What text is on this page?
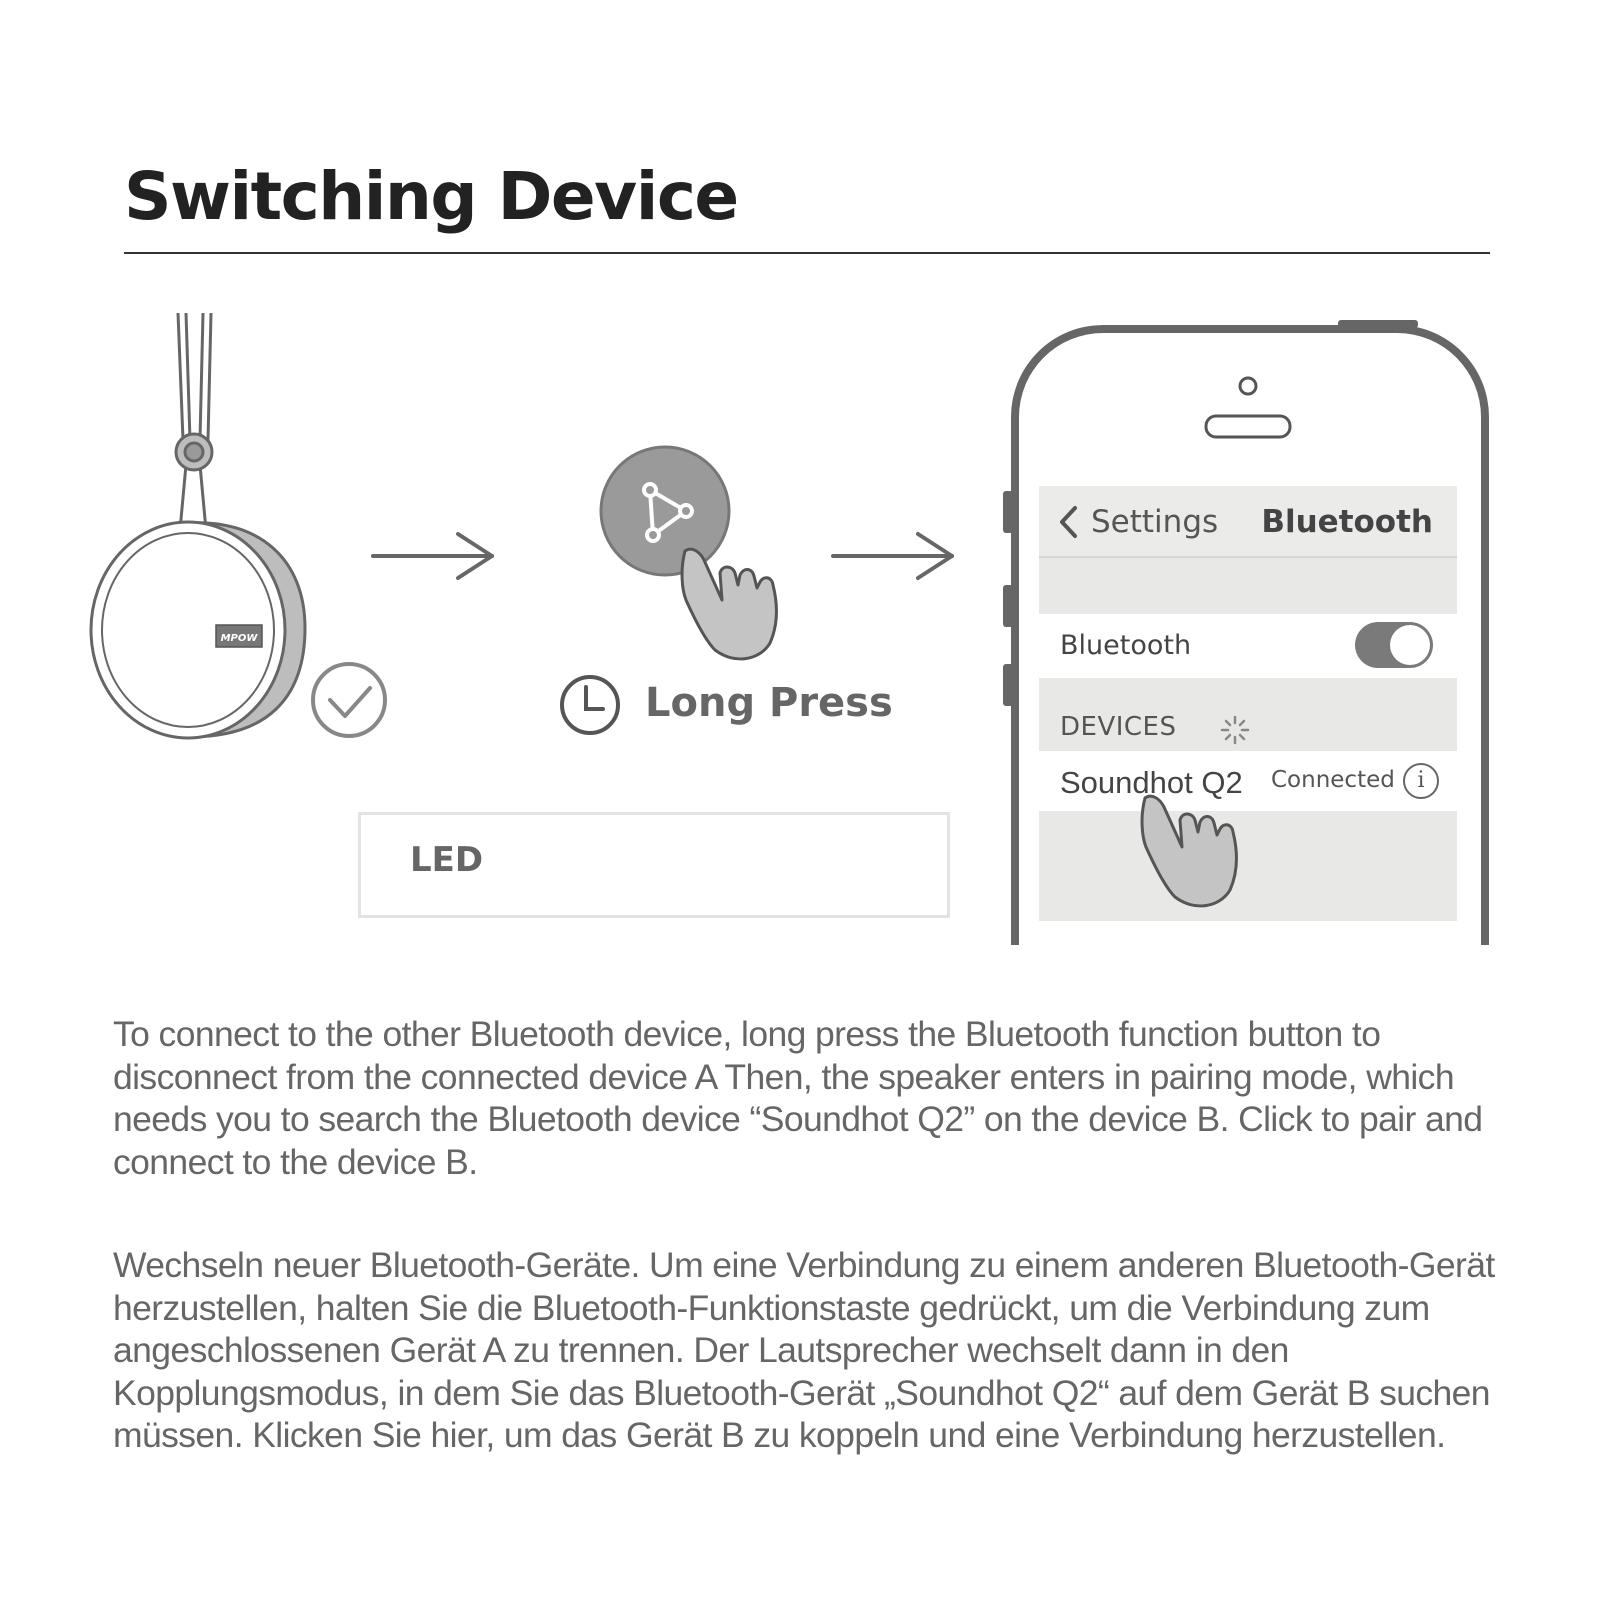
Switching Device
MPOW
Long Press
LED
Settings Bluetooth
Bluetooth
DEVICES
Soundhot Q2 Connected	i

To connect to the other Bluetooth device, long press the Bluetooth function button to disconnect from the connected device A Then, the speaker enters in pairing mode, which needs you to search the Bluetooth device “Soundhot Q2” on the device B. Click to pair and connect to the device B.

Wechseln neuer Bluetooth-Geräte. Um eine Verbindung zu einem anderen Bluetooth-Gerät herzustellen, halten Sie die Bluetooth-Funktionstaste gedrückt, um die Verbindung zum angeschlossenen Gerät A zu trennen. Der Lautsprecher wechselt dann in den Kopplungsmodus, in dem Sie das Bluetooth-Gerät „Soundhot Q2“ auf dem Gerät B suchen müssen. Klicken Sie hier, um das Gerät B zu koppeln und eine Verbindung herzustellen.
